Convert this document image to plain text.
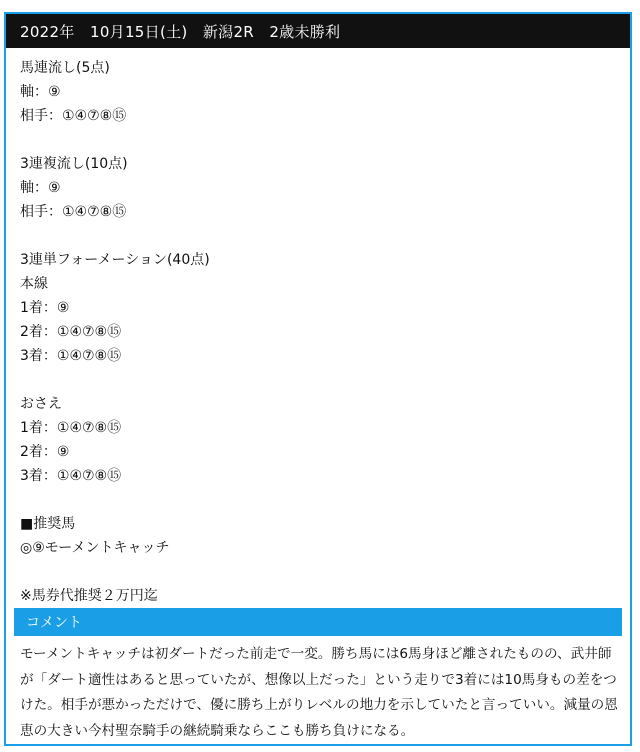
2022年　10月15日(土)　新潟2R　2歳未勝利
馬連流し(5点)
軸：⑨
相手：①④⑦⑧⑮
3連複流し(10点)
軸：⑨
相手：①④⑦⑧⑮
3連単フォーメーション(40点)
本線
1着：⑨
2着：①④⑦⑧⑮
3着：①④⑦⑧⑮
おさえ
1着：①④⑦⑧⑮
2着：⑨
3着：①④⑦⑧⑮
■推奨馬
◎⑨モーメントキャッチ
※馬券代推奨２万円迄
コメント
モーメントキャッチは初ダートだった前走で一変。勝ち馬には6馬身ほど離されたものの、武井師が「ダート適性はあると思っていたが、想像以上だった」という走りで3着には10馬身もの差をつけた。相手が悪かっただけで、優に勝ち上がりレベルの地力を示していたと言っていい。減量の恩恵の大きい今村聖奈騎手の継続騎乗ならここも勝ち負けになる。
